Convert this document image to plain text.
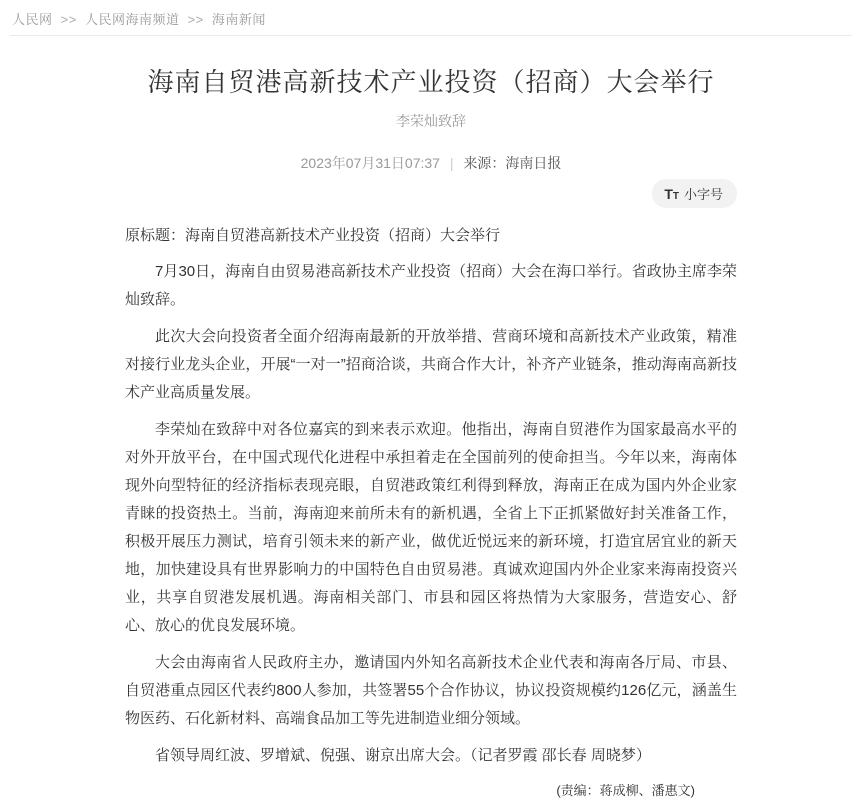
人民网 >> 人民网海南频道 >> 海南新闻
海南自贸港高新技术产业投资（招商）大会举行
李荣灿致辞
2023年07月31日07:37 | 来源：海南日报
TT 小字号
原标题：海南自贸港高新技术产业投资（招商）大会举行

7月30日，海南自由贸易港高新技术产业投资（招商）大会在海口举行。省政协主席李荣灿致辞。

此次大会向投资者全面介绍海南最新的开放举措、营商环境和高新技术产业政策，精准对接行业龙头企业，开展“一对一”招商洽谈，共商合作大计，补齐产业链条，推动海南高新技术产业高质量发展。

李荣灿在致辞中对各位嘉宾的到来表示欢迎。他指出，海南自贸港作为国家最高水平的对外开放平台，在中国式现代化进程中承担着走在全国前列的使命担当。今年以来，海南体现外向型特征的经济指标表现亮眼，自贸港政策红利得到释放，海南正在成为国内外企业家青睐的投资热土。当前，海南迎来前所未有的新机遇，全省上下正抓紧做好封关准备工作，积极开展压力测试，培育引领未来的新产业，做优近悦远来的新环境，打造宜居宜业的新天地，加快建设具有世界影响力的中国特色自由贸易港。真诚欢迎国内外企业家来海南投资兴业，共享自贸港发展机遇。海南相关部门、市县和园区将热情为大家服务，营造安心、舒心、放心的优良发展环境。

大会由海南省人民政府主办，邀请国内外知名高新技术企业代表和海南各厅局、市县、自贸港重点园区代表约800人参加，共签署55个合作协议，协议投资规模约126亿元，涵盖生物医药、石化新材料、高端食品加工等先进制造业细分领域。

省领导周红波、罗增斌、倪强、谢京出席大会。（记者罗霞 邵长春 周晓梦）

(责编：蒋成柳、潘惠文)
